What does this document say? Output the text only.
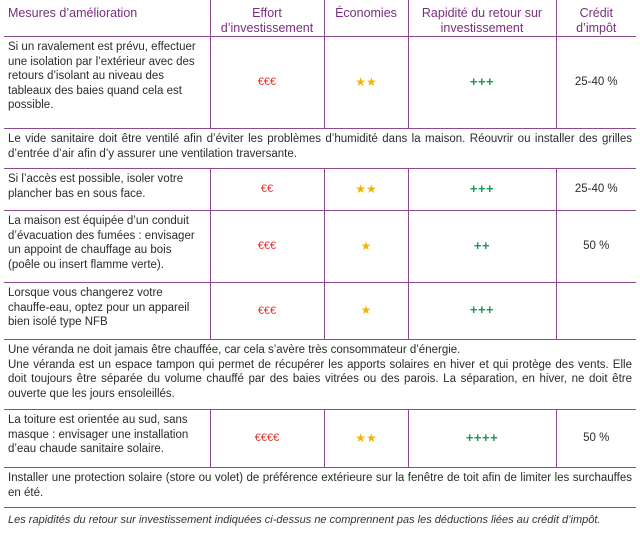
Mesures d’amélioration	Effort d’investissement	Économies	Rapidité du retour sur investissement	Crédit d’impôt
Si un ravalement est prévu, effectuer une isolation par l’extérieur avec des retours d’isolant au niveau des tableaux des baies quand cela est possible.	€€€	★★	+++	25-40 %
Le vide sanitaire doit être ventilé afin d’éviter les problèmes d’humidité dans la maison. Réouvrir ou installer des grilles d’entrée d’air afin d’y assurer une ventilation traversante.				
Si l’accès est possible, isoler votre plancher bas en sous face.	€€	★★	+++	25-40 %
La maison est équipée d’un conduit d’évacuation des fumées : envisager un appoint de chauffage au bois (poêle ou insert flamme verte).	€€€	★	++	50 %
Lorsque vous changerez votre chauffe-eau, optez pour un appareil bien isolé type NFB	€€€	★	+++	

Une véranda ne doit jamais être chauffée, car cela s’avère très consommateur d’énergie.
Une véranda est un espace tampon qui permet de récupérer les apports solaires en hiver et qui protège des vents. Elle doit toujours être séparée du volume chauffé par des baies vitrées ou des parois. La séparation, en hiver, ne doit être ouverte que les jours ensoleillés.				

La toiture est orientée au sud, sans masque : envisager une installation d’eau chaude sanitaire solaire.	€€€€	★★	++++	50 %
Installer une protection solaire (store ou volet) de préférence extérieure sur la fenêtre de toit afin de limiter les surchauffes en été.				
Les rapidités du retour sur investissement indiquées ci-dessus ne comprennent pas les déductions liées au crédit d’impôt.				
